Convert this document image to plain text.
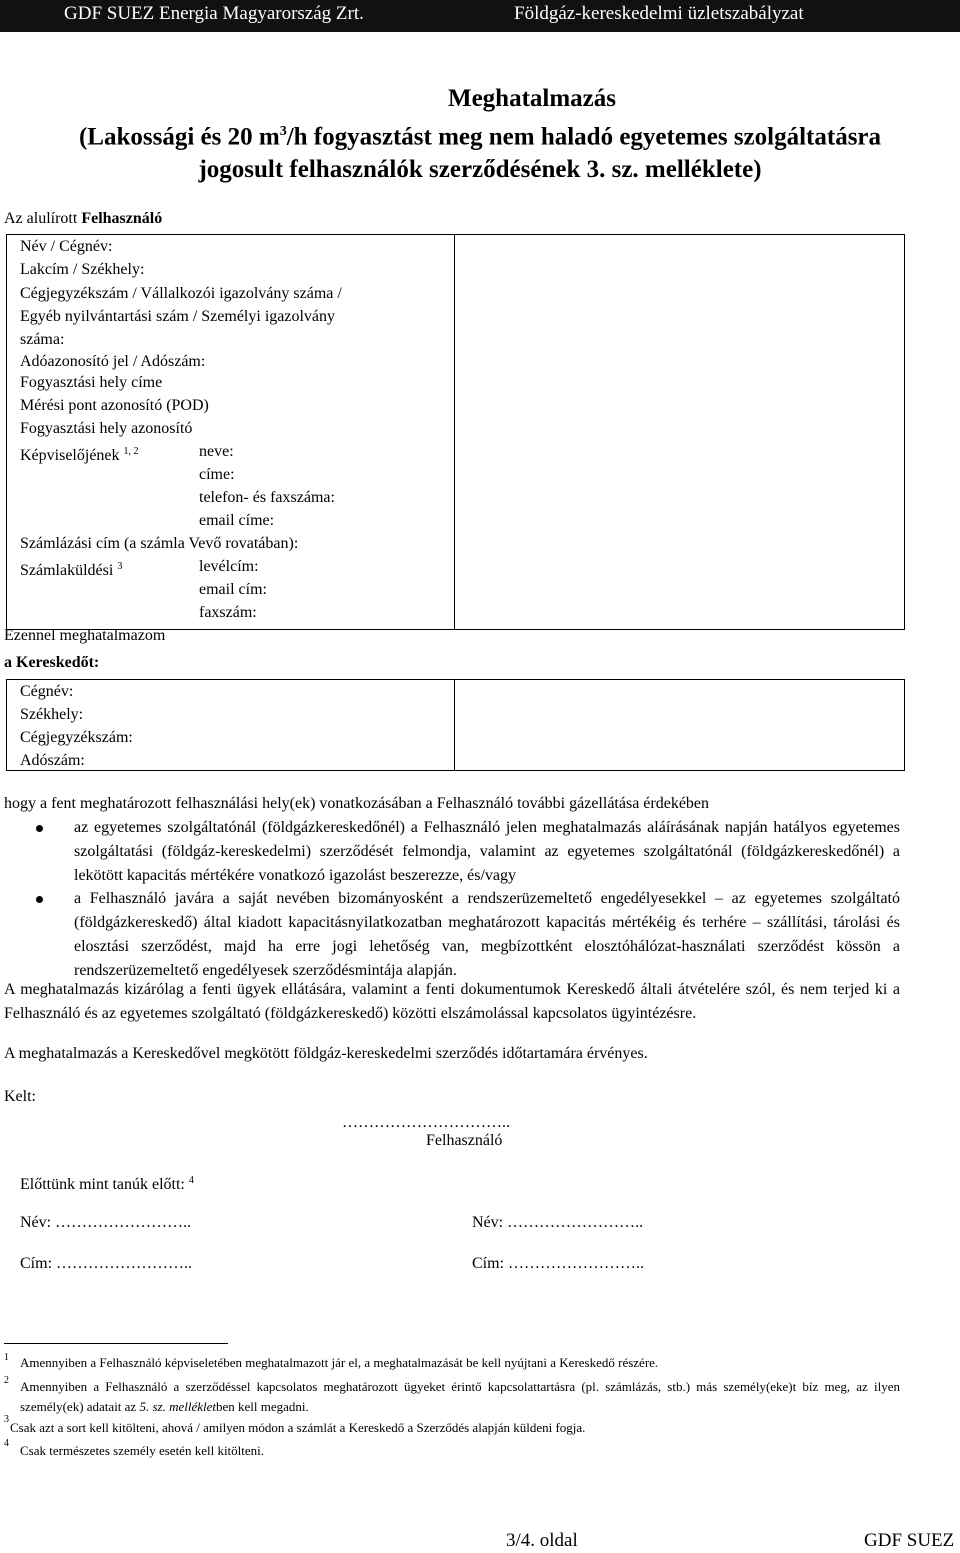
GDF SUEZ Energia Magyarország Zrt.	Földgáz-kereskedelmi üzletszabályzat
Meghatalmazás
(Lakossági és 20 $m^3/h$ fogyasztást meg nem haladó egyetemes szolgáltatásra
jogosult felhasználók szerződésének 3. sz. melléklete)
Az alulírott Felhasználó
Név / Cégnév:
Lakcím / Székhely:
Cégjegyzékszám / Vállalkozói igazolvány száma /
Egyéb nyilvántartási szám / Személyi igazolvány
száma:
Adóazonosító jel / Adószám:
Fogyasztási hely címe
Mérési pont azonosító (POD)
Fogyasztási hely azonosító
Képviselőjének $^{1, 2}$	neve:
címe:
telefon- és faxszáma:
email címe:
Számlázási cím (a számla Vevő rovatában):
Számlaküldési $^3$	levélcím:
email cím:
faxszám:
Ezennel meghatalmazom
a Kereskedőt:
Cégnév:
Székhely:
Cégjegyzékszám:
Adószám:
hogy a fent meghatározott felhasználási hely(ek) vonatkozásában a Felhasználó további gázellátása érdekében
az egyetemes szolgáltatónál (földgázkereskedőnél) a Felhasználó jelen meghatalmazás aláírásának napján hatályos egyetemes szolgáltatási (földgáz-kereskedelmi) szerződését felmondja, valamint az egyetemes szolgáltatónál (földgázkereskedőnél) a lekötött kapacitás mértékére vonatkozó igazolást beszerezze, és/vagy
a Felhasználó javára a saját nevében bizományosként a rendszerüzemeltető engedélyesekkel – az egyetemes szolgáltató (földgázkereskedő) által kiadott kapacitásnyilatkozatban meghatározott kapacitás mértékéig és terhére – szállítási, tárolási és elosztási szerződést, majd ha erre jogi lehetőség van, megbízottként elosztóhálózat-használati szerződést kössön a rendszerüzemeltető engedélyesek szerződésmintája alapján.
A meghatalmazás kizárólag a fenti ügyek ellátására, valamint a fenti dokumentumok Kereskedő általi átvételére szól, és nem terjed ki a Felhasználó és az egyetemes szolgáltató (földgázkereskedő) közötti elszámolással kapcsolatos ügyintézésre.
A meghatalmazás a Kereskedővel megkötött földgáz-kereskedelmi szerződés időtartamára érvényes.
Kelt:
…………………………..
Felhasználó
Előttünk mint tanúk előtt: $^4$
Név: ……………………..	Név: ……………………..
Cím: ……………………..	Cím: ……………………..
1 Amennyiben a Felhasználó képviseletében meghatalmazott jár el, a meghatalmazását be kell nyújtani a Kereskedő részére.
2 Amennyiben a Felhasználó a szerződéssel kapcsolatos meghatározott ügyeket érintő kapcsolattartásra (pl. számlázás, stb.) más személy(eke)t bíz meg, az ilyen személy(ek) adatait az 5. sz. mellékletben kell megadni.
3
Csak azt a sort kell kitölteni, ahová / amilyen módon a számlát a Kereskedő a Szerződés alapján küldeni fogja.
4 Csak természetes személy esetén kell kitölteni.
3/4. oldal	GDF SUEZ
